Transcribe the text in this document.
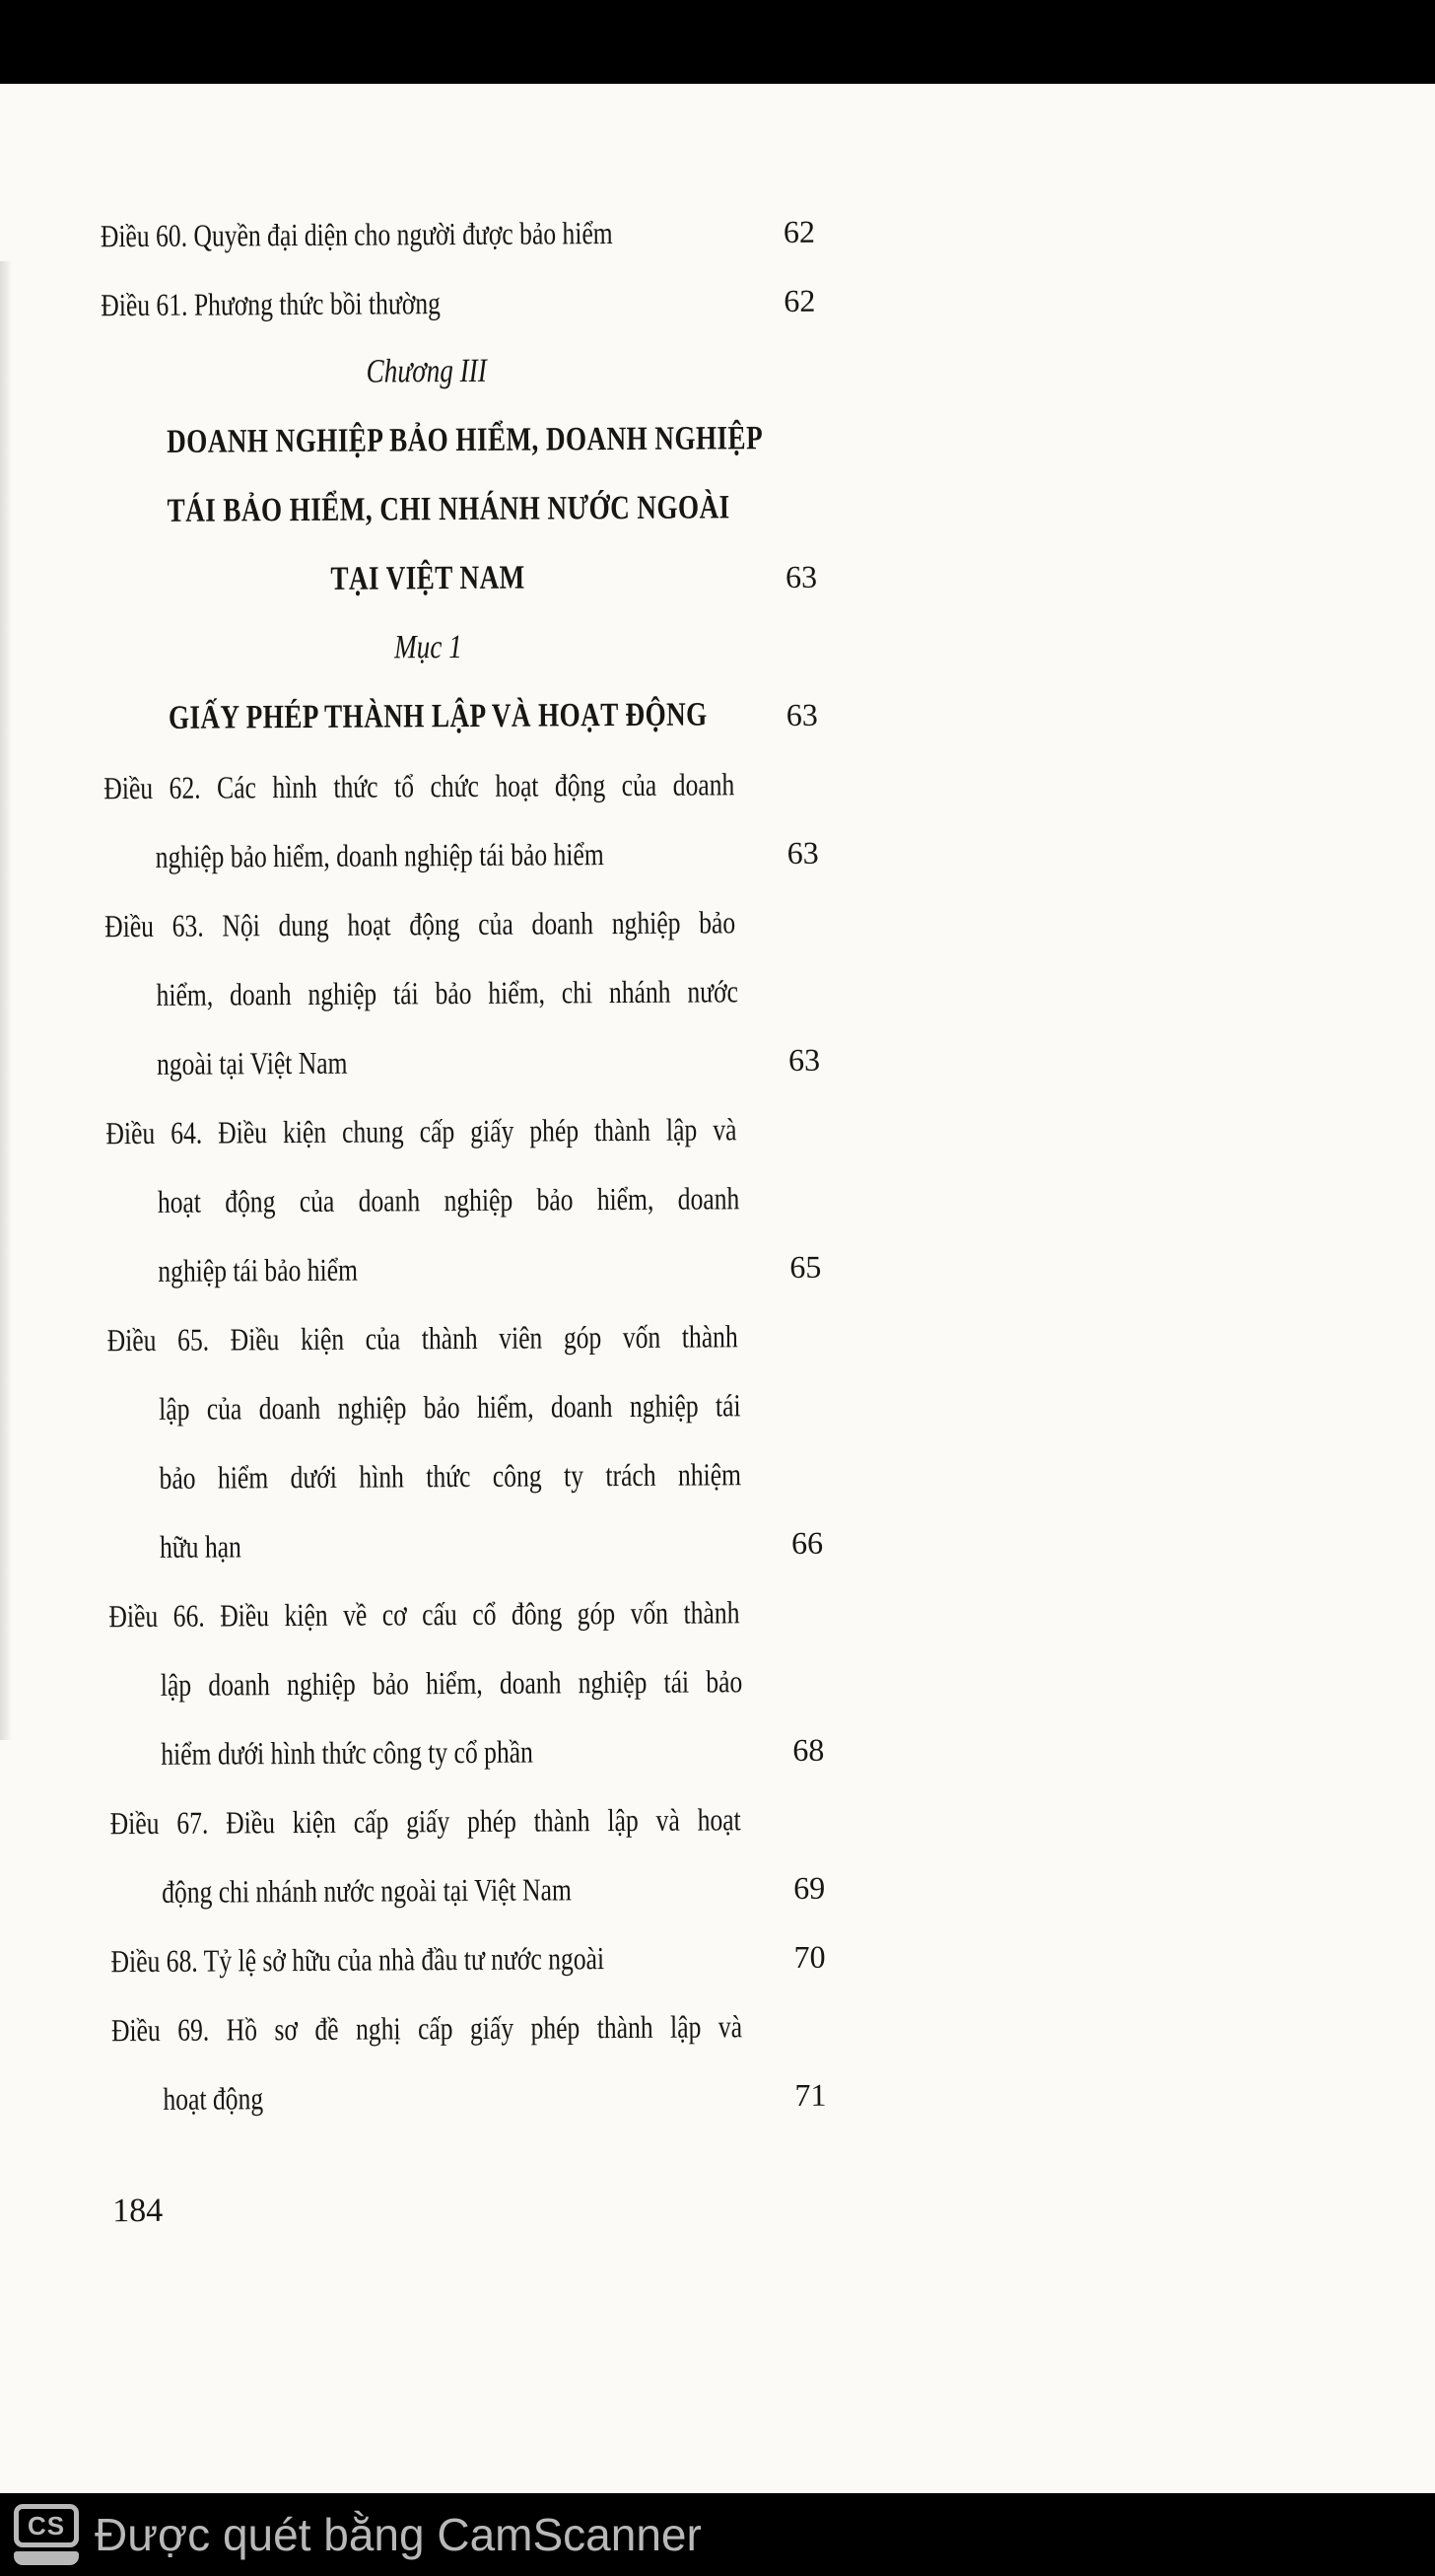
Điều 60. Quyền đại diện cho người được bảo hiểm	62
Điều 61. Phương thức bồi thường	62
Chương III
DOANH NGHIỆP BẢO HIỂM, DOANH NGHIỆP
TÁI BẢO HIỂM, CHI NHÁNH NƯỚC NGOÀI
TẠI VIỆT NAM	63
Mục 1
GIẤY PHÉP THÀNH LẬP VÀ HOẠT ĐỘNG 63
Điều 62. Các hình thức tổ chức hoạt động của doanh
nghiệp bảo hiểm, doanh nghiệp tái bảo hiểm	63
Điều 63. Nội dung hoạt động của doanh nghiệp bảo
hiểm, doanh nghiệp tái bảo hiểm, chi nhánh nước
ngoài tại Việt Nam	63
Điều 64. Điều kiện chung cấp giấy phép thành lập và
hoạt động của doanh nghiệp bảo hiểm, doanh
nghiệp tái bảo hiểm	65
Điều 65. Điều kiện của thành viên góp vốn thành
lập của doanh nghiệp bảo hiểm, doanh nghiệp tái
bảo hiểm dưới hình thức công ty trách nhiệm
hữu hạn	66
Điều 66. Điều kiện về cơ cấu cổ đông góp vốn thành
lập doanh nghiệp bảo hiểm, doanh nghiệp tái bảo
hiểm dưới hình thức công ty cổ phần	68
Điều 67. Điều kiện cấp giấy phép thành lập và hoạt
động chi nhánh nước ngoài tại Việt Nam	69
Điều 68. Tỷ lệ sở hữu của nhà đầu tư nước ngoài	70
Điều 69. Hồ sơ đề nghị cấp giấy phép thành lập và
hoạt động	71
184
CS Được quét bằng CamScanner
